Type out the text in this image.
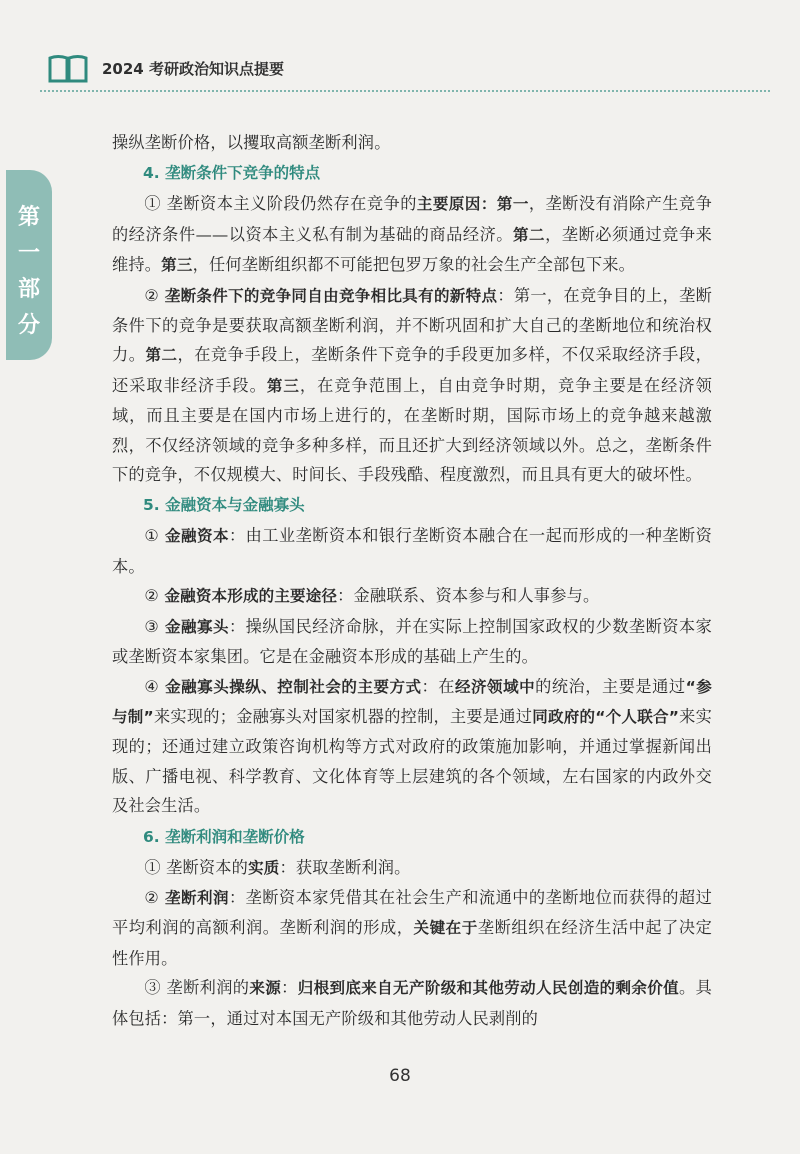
2024 考研政治知识点提要
第
一
部
分

操纵垄断价格，以攫取高额垄断利润。

4. 垄断条件下竞争的特点

① 垄断资本主义阶段仍然存在竞争的主要原因：第一，垄断没有消除产生竞争的经济条件——以资本主义私有制为基础的商品经济。第二，垄断必须通过竞争来维持。第三，任何垄断组织都不可能把包罗万象的社会生产全部包下来。

② 垄断条件下的竞争同自由竞争相比具有的新特点：第一，在竞争目的上，垄断条件下的竞争是要获取高额垄断利润，并不断巩固和扩大自己的垄断地位和统治权力。第二，在竞争手段上，垄断条件下竞争的手段更加多样，不仅采取经济手段，还采取非经济手段。第三，在竞争范围上，自由竞争时期，竞争主要是在经济领域，而且主要是在国内市场上进行的，在垄断时期，国际市场上的竞争越来越激烈，不仅经济领域的竞争多种多样，而且还扩大到经济领域以外。总之，垄断条件下的竞争，不仅规模大、时间长、手段残酷、程度激烈，而且具有更大的破坏性。

5. 金融资本与金融寡头

① 金融资本：由工业垄断资本和银行垄断资本融合在一起而形成的一种垄断资本。

② 金融资本形成的主要途径：金融联系、资本参与和人事参与。

③ 金融寡头：操纵国民经济命脉，并在实际上控制国家政权的少数垄断资本家或垄断资本家集团。它是在金融资本形成的基础上产生的。

④ 金融寡头操纵、控制社会的主要方式：在经济领域中的统治，主要是通过“参与制”来实现的；金融寡头对国家机器的控制，主要是通过同政府的“个人联合”来实现的；还通过建立政策咨询机构等方式对政府的政策施加影响，并通过掌握新闻出版、广播电视、科学教育、文化体育等上层建筑的各个领域，左右国家的内政外交及社会生活。

6. 垄断利润和垄断价格

① 垄断资本的实质：获取垄断利润。

② 垄断利润：垄断资本家凭借其在社会生产和流通中的垄断地位而获得的超过平均利润的高额利润。垄断利润的形成，关键在于垄断组织在经济生活中起了决定性作用。

③ 垄断利润的来源：归根到底来自无产阶级和其他劳动人民创造的剩余价值。具体包括：第一，通过对本国无产阶级和其他劳动人民剥削的

68
